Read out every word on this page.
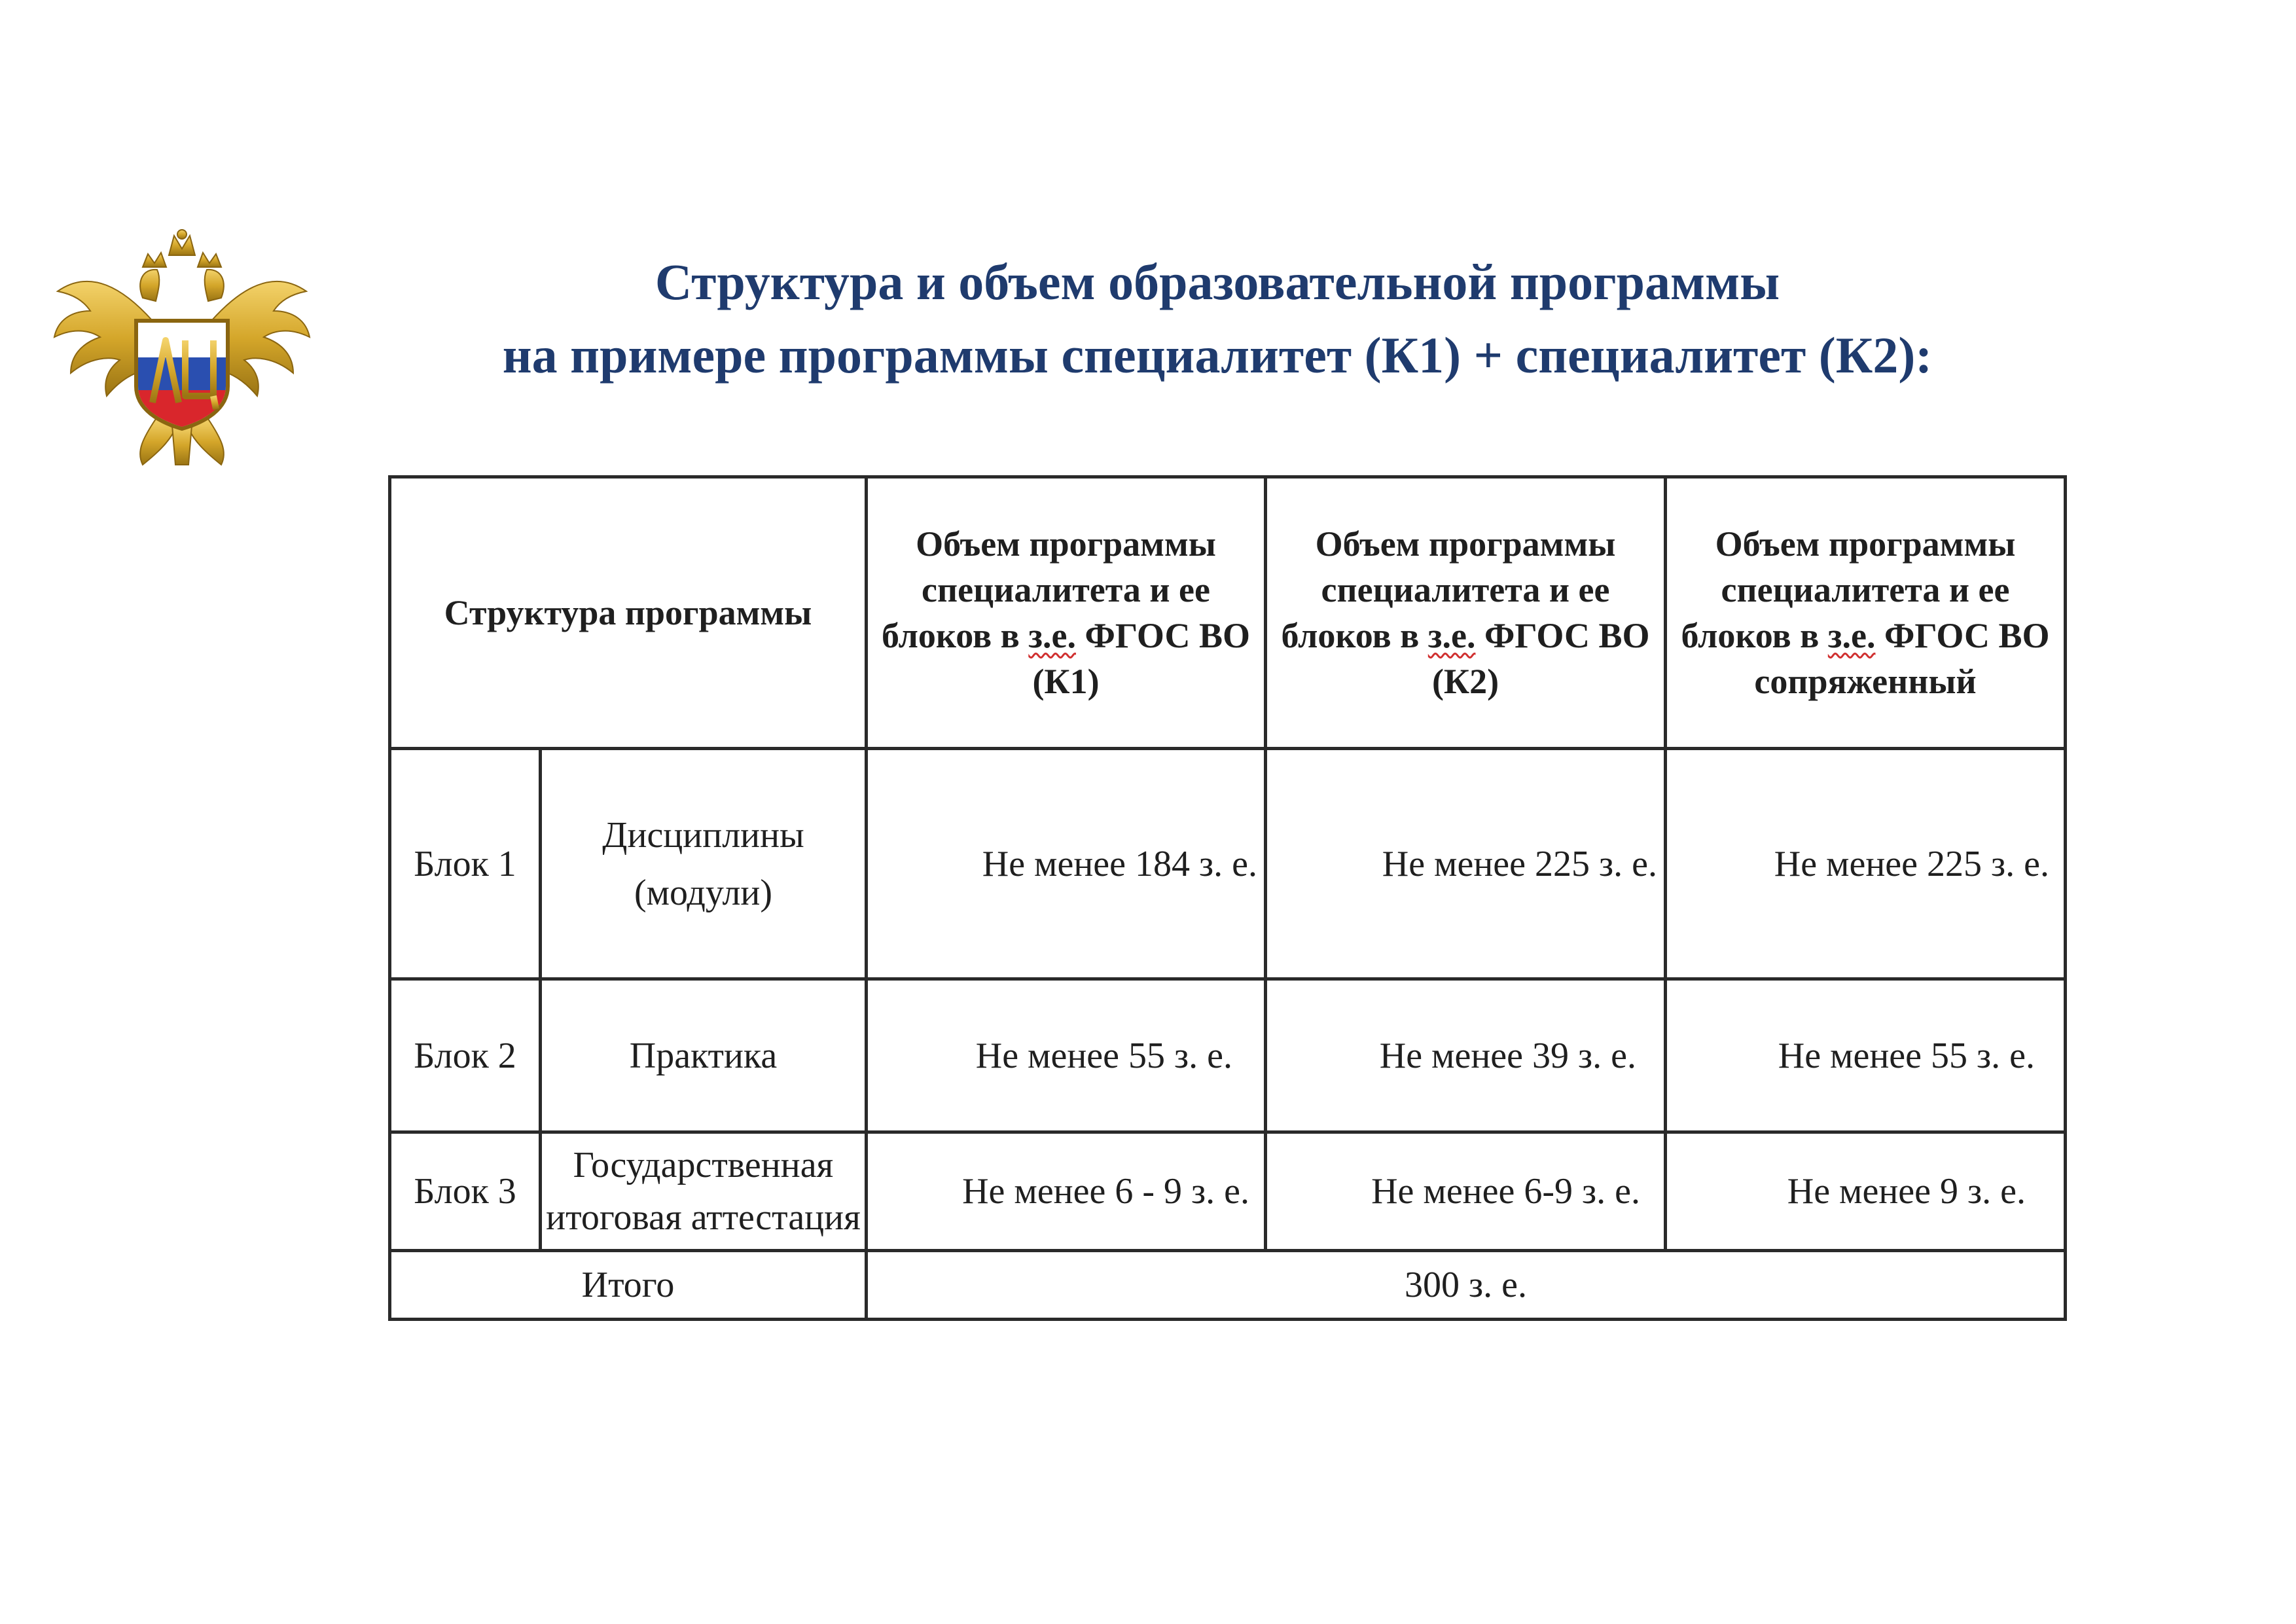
Структура и объем образовательной программы
на примере программы специалитет (К1) + специалитет (К2):
Структура программы		Объем программы специалитета и ее блоков в з.е. ФГОС ВО (К1)	Объем программы специалитета и ее блоков в з.е. ФГОС ВО (К2)	Объем программы специалитета и ее блоков в з.е. ФГОС ВО сопряженный
Блок 1	Дисциплины (модули)	Не менее 184 з. е.	Не менее 225 з. е.	Не менее 225 з. е.
Блок 2	Практика	Не менее 55 з. е.	Не менее 39 з. е.	Не менее 55 з. е.
Блок 3	Государственная итоговая аттестация	Не менее 6 - 9 з. е.	Не менее 6-9 з. е.	Не менее 9 з. е.
Итого		300 з. е.		
